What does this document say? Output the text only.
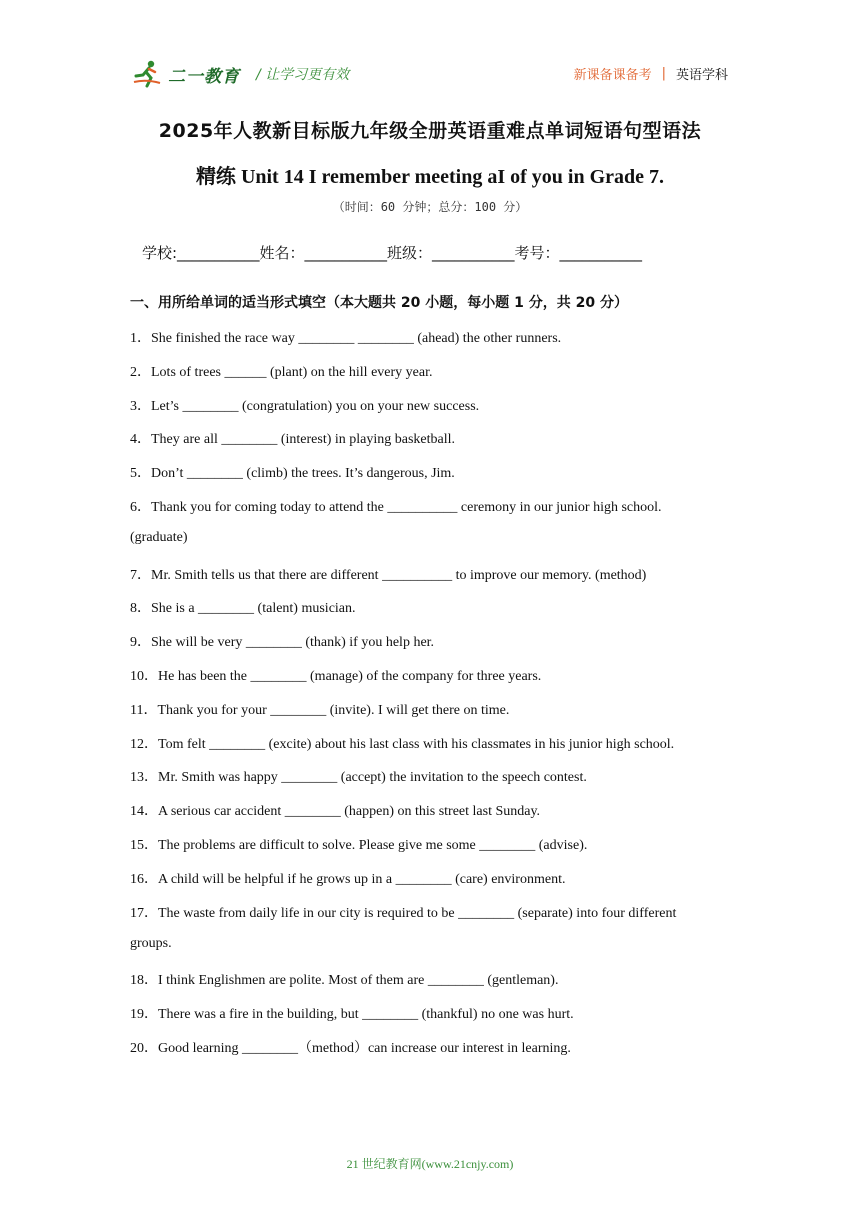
二一教育 / 让学习更有效	新课备课备考 | 英语学科
2025年人教新目标版九年级全册英语重难点单词短语句型语法
精练 Unit 14 I remember meeting aI of you in Grade 7.
（时间：60 分钟；总分：100 分）
学校:___________姓名：___________班级：___________考号：___________
一、用所给单词的适当形式填空（本大题共 20 小题，每小题 1 分，共 20 分）
1．She finished the race way ________ ________ (ahead) the other runners.
2．Lots of trees ______ (plant) on the hill every year.
3．Let’s ________ (congratulation) you on your new success.
4．They are all ________ (interest) in playing basketball.
5．Don’t ________ (climb) the trees. It’s dangerous, Jim.
6．Thank you for coming today to attend the __________ ceremony in our junior high school.
(graduate)
7．Mr. Smith tells us that there are different __________ to improve our memory. (method)
8．She is a ________ (talent) musician.
9．She will be very ________ (thank) if you help her.
10．He has been the ________ (manage) of the company for three years.
11．Thank you for your ________ (invite). I will get there on time.
12．Tom felt ________ (excite) about his last class with his classmates in his junior high school.
13．Mr. Smith was happy ________ (accept) the invitation to the speech contest.
14．A serious car accident ________ (happen) on this street last Sunday.
15．The problems are difficult to solve. Please give me some ________ (advise).
16．A child will be helpful if he grows up in a ________ (care) environment.
17．The waste from daily life in our city is required to be ________ (separate) into four different
groups.
18．I think Englishmen are polite. Most of them are ________ (gentleman).
19．There was a fire in the building, but ________ (thankful) no one was hurt.
20．Good learning ________（method）can increase our interest in learning.
21 世纪教育网(www.21cnjy.com)
